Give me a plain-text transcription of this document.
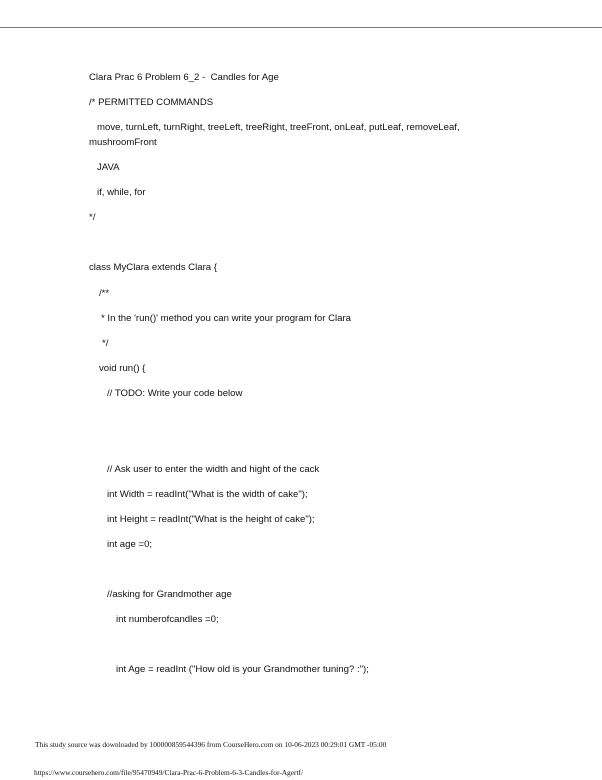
Clara Prac 6 Problem 6_2 -  Candles for Age
/* PERMITTED COMMANDS
move, turnLeft, turnRight, treeLeft, treeRight, treeFront, onLeaf, putLeaf, removeLeaf,
mushroomFront
JAVA
if, while, for
*/
class MyClara extends Clara {
/**
* In the 'run()' method you can write your program for Clara
*/
void run() {
// TODO: Write your code below
// Ask user to enter the width and hight of the cack
int Width = readInt("What is the width of cake");
int Height = readInt("What is the height of cake");
int age =0;
//asking for Grandmother age
int numberofcandles =0;
int Age = readInt ("How old is your Grandmother tuning? :");
This study source was downloaded by 100000859544396 from CourseHero.com on 10-06-2023 00:29:01 GMT -05:00
https://www.coursehero.com/file/95470949/Clara-Prac-6-Problem-6-3-Candles-for-Agertf/
